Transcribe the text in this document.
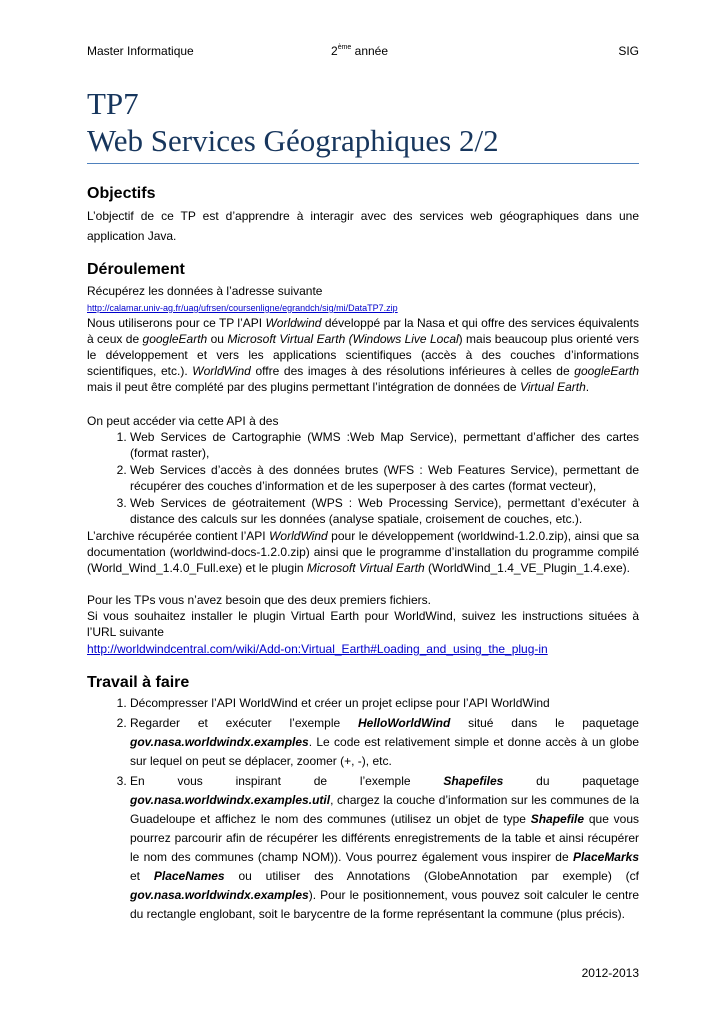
Master Informatique	2ème année	SIG
TP7
Web Services Géographiques 2/2
Objectifs
L’objectif de ce TP est d’apprendre à interagir avec des services web géographiques dans une application Java.
Déroulement
Récupérez les données à l’adresse suivante
http://calamar.univ-ag.fr/uag/ufrsen/coursenligne/egrandch/sig/mi/DataTP7.zip
Nous utiliserons pour ce TP l’API Worldwind développé par la Nasa et qui offre des services équivalents à ceux de googleEarth ou Microsoft Virtual Earth (Windows Live Local) mais beaucoup plus orienté vers le développement et vers les applications scientifiques (accès à des couches d’informations scientifiques, etc.). WorldWind offre des images à des résolutions inférieures à celles de googleEarth mais il peut être complété par des plugins permettant l’intégration de données de Virtual Earth.
On peut accéder via cette API à des
1. Web Services de Cartographie (WMS :Web Map Service), permettant d’afficher des cartes (format raster),
2. Web Services d’accès à des données brutes (WFS : Web Features Service), permettant de récupérer des couches d’information et de les superposer à des cartes (format vecteur),
3. Web Services de géotraitement (WPS : Web Processing Service), permettant d’exécuter à distance des calculs sur les données (analyse spatiale, croisement de couches, etc.).
L’archive récupérée contient l’API WorldWind pour le développement (worldwind-1.2.0.zip), ainsi que sa documentation (worldwind-docs-1.2.0.zip) ainsi que le programme d’installation du programme compilé (World_Wind_1.4.0_Full.exe) et le plugin Microsoft Virtual Earth (WorldWind_1.4_VE_Plugin_1.4.exe).
Pour les TPs vous n’avez besoin que des deux premiers fichiers.
Si vous souhaitez installer le plugin Virtual Earth pour WorldWind, suivez les instructions situées à l’URL suivante
http://worldwindcentral.com/wiki/Add-on:Virtual_Earth#Loading_and_using_the_plug-in
Travail à faire
1. Décompresser l’API WorldWind et créer un projet eclipse pour l’API WorldWind
2. Regarder et exécuter l’exemple HelloWorldWind situé dans le paquetage gov.nasa.worldwindx.examples. Le code est relativement simple et donne accès à un globe sur lequel on peut se déplacer, zoomer (+, -), etc.
3. En vous inspirant de l’exemple Shapefiles du paquetage gov.nasa.worldwindx.examples.util, chargez la couche d’information sur les communes de la Guadeloupe et affichez le nom des communes (utilisez un objet de type Shapefile que vous pourrez parcourir afin de récupérer les différents enregistrements de la table et ainsi récupérer le nom des communes (champ NOM)). Vous pourrez également vous inspirer de PlaceMarks et PlaceNames ou utiliser des Annotations (GlobeAnnotation par exemple) (cf gov.nasa.worldwindx.examples). Pour le positionnement, vous pouvez soit calculer le centre du rectangle englobant, soit le barycentre de la forme représentant la commune (plus précis).
2012-2013
